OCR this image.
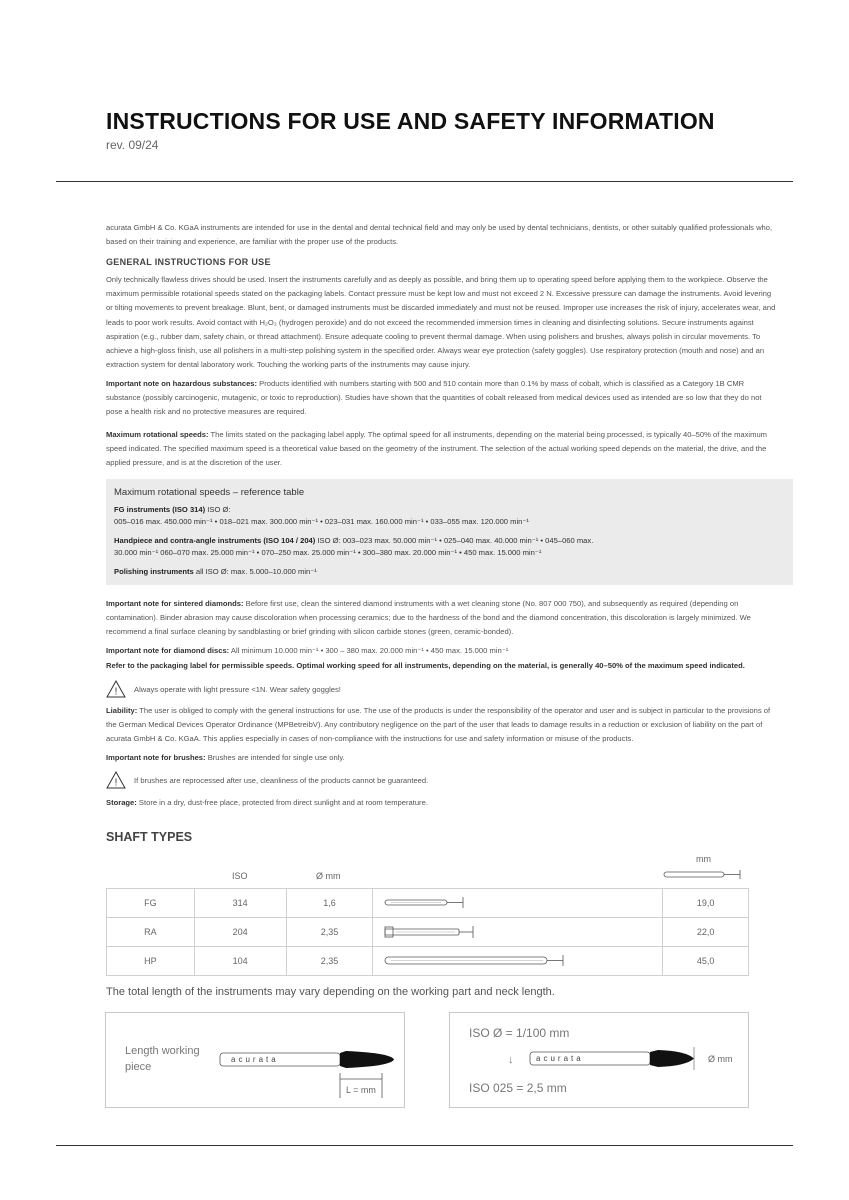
INSTRUCTIONS FOR USE AND SAFETY INFORMATION
rev. 09/24
acurata GmbH & Co. KGaA instruments are intended for use in the dental and dental technical field and may only be used by dental technicians, dentists, or other suitably qualified professionals who, based on their training and experience, are familiar with the proper use of the products.
GENERAL INSTRUCTIONS FOR USE
Only technically flawless drives should be used. Insert the instruments carefully and as deeply as possible, and bring them up to operating speed before applying them to the workpiece. Observe the maximum permissible rotational speeds stated on the packaging labels. Contact pressure must be kept low and must not exceed 2 N. Excessive pressure can damage the instruments. Avoid levering or tilting movements to prevent breakage. Blunt, bent, or damaged instruments must be discarded immediately and must not be reused. Improper use increases the risk of injury, accelerates wear, and leads to poor work results. Avoid contact with H₂O₂ (hydrogen peroxide) and do not exceed the recommended immersion times in cleaning and disinfecting solutions. Secure instruments against aspiration (e.g., rubber dam, safety chain, or thread attachment). Ensure adequate cooling to prevent thermal damage. When using polishers and brushes, always polish in circular movements. To achieve a high-gloss finish, use all polishers in a multi-step polishing system in the specified order. Always wear eye protection (safety goggles). Use respiratory protection (mouth and nose) and an extraction system for dental laboratory work. Touching the working parts of the instruments may cause injury.
Important note on hazardous substances: Products identified with numbers starting with 500 and 510 contain more than 0.1% by mass of cobalt, which is classified as a Category 1B CMR substance (possibly carcinogenic, mutagenic, or toxic to reproduction). Studies have shown that the quantities of cobalt released from medical devices used as intended are so low that they do not pose a health risk and no protective measures are required.
Maximum rotational speeds: The limits stated on the packaging label apply. The optimal speed for all instruments, depending on the material being processed, is typically 40–50% of the maximum speed indicated. The specified maximum speed is a theoretical value based on the geometry of the instrument. The selection of the actual working speed depends on the material, the drive, and the applied pressure, and is at the discretion of the user.
Maximum rotational speeds – reference table
FG instruments (ISO 314) ISO Ø:
005–016 max. 450.000 min⁻¹ • 018–021 max. 300.000 min⁻¹ • 023–031 max. 160.000 min⁻¹ • 033–055 max. 120.000 min⁻¹
Handpiece and contra-angle instruments (ISO 104 / 204) ISO Ø: 003–023 max. 50.000 min⁻¹ • 025–040 max. 40.000 min⁻¹ • 045–060 max.
30.000 min⁻¹ 060–070 max. 25.000 min⁻¹ • 070–250 max. 25.000 min⁻¹ • 300–380 max. 20.000 min⁻¹ • 450 max. 15.000 min⁻¹
Polishing instruments all ISO Ø: max. 5.000–10.000 min⁻¹
Important note for sintered diamonds: Before first use, clean the sintered diamond instruments with a wet cleaning stone (No. 807 000 750), and subsequently as required (depending on contamination). Binder abrasion may cause discoloration when processing ceramics; due to the hardness of the bond and the diamond concentration, this discoloration is largely minimized. We recommend a final surface cleaning by sandblasting or brief grinding with silicon carbide stones (green, ceramic-bonded).
Important note for diamond discs: All minimum 10.000 min⁻¹ • 300 – 380 max. 20.000 min⁻¹ • 450 max. 15.000 min⁻¹
Refer to the packaging label for permissible speeds. Optimal working speed for all instruments, depending on the material, is generally 40–50% of the maximum speed indicated.
! Always operate with light pressure <1N. Wear safety goggles!
Liability: The user is obliged to comply with the general instructions for use. The use of the products is under the responsibility of the operator and user and is subject in particular to the provisions of the German Medical Devices Operator Ordinance (MPBetreibV). Any contributory negligence on the part of the user that leads to damage results in a reduction or exclusion of liability on the part of acurata GmbH & Co. KGaA. This applies especially in cases of non-compliance with the instructions for use and safety information or misuse of the products.
Important note for brushes: Brushes are intended for single use only.
! If brushes are reprocessed after use, cleanliness of the products cannot be guaranteed.
Storage: Store in a dry, dust-free place, protected from direct sunlight and at room temperature.
SHAFT TYPES
ISO	Ø mm
mm
FG	314	1,6		19,0
RA	204	2,35		22,0
HP	104	2,35		45,0
The total length of the instruments may vary depending on the working part and neck length.
Length working piece

acurata
L = mm
ISO Ø = 1/100 mm
↓	acurata	Ø mm
ISO 025 = 2,5 mm
